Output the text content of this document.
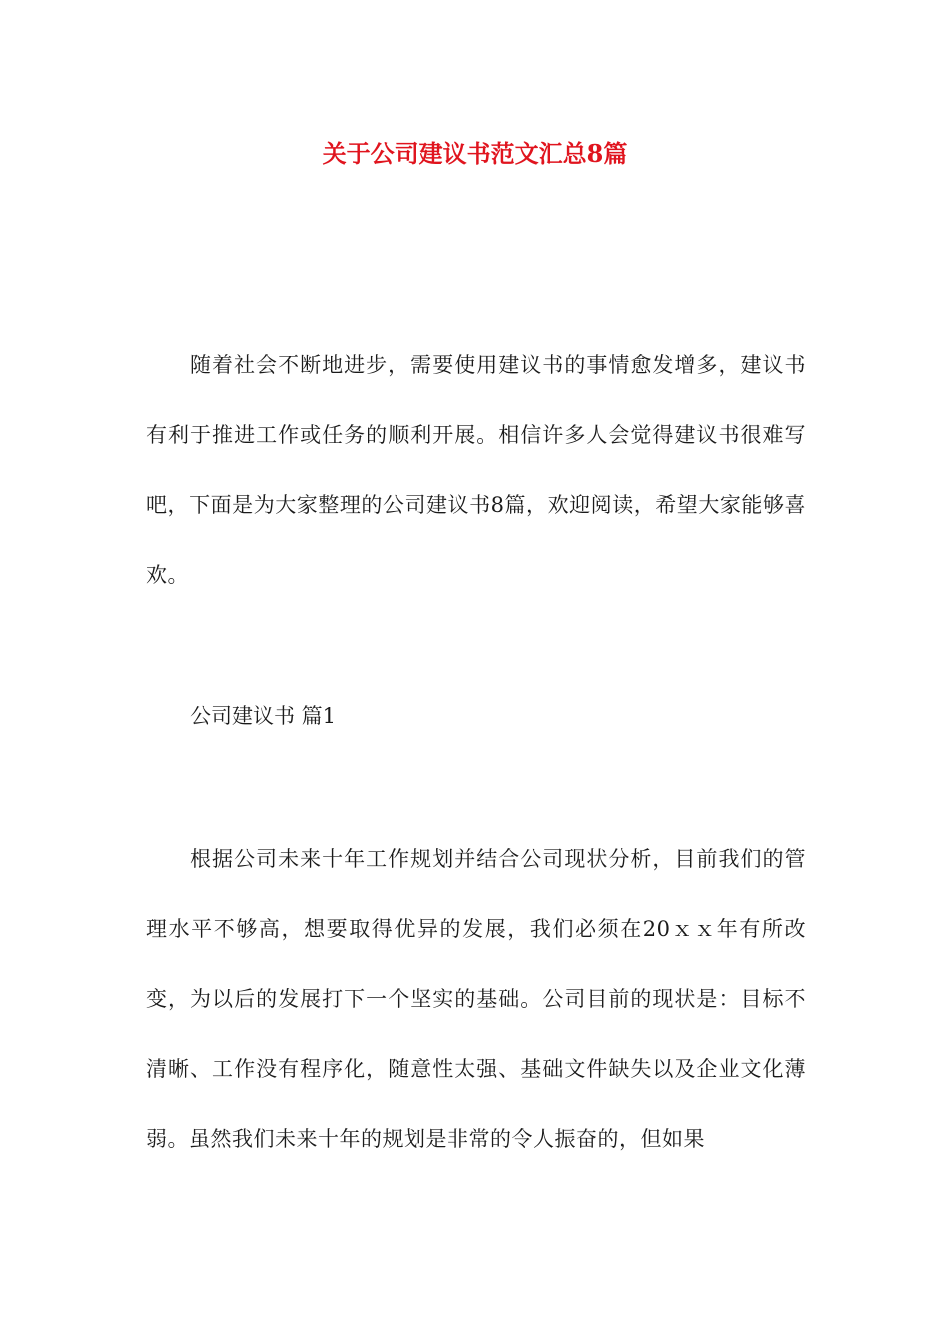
关于公司建议书范文汇总8篇

随着社会不断地进步，需要使用建议书的事情愈发增多，建议书有利于推进工作或任务的顺利开展。相信许多人会觉得建议书很难写吧，下面是为大家整理的公司建议书8篇，欢迎阅读，希望大家能够喜欢。

公司建议书 篇1

根据公司未来十年工作规划并结合公司现状分析，目前我们的管理水平不够高，想要取得优异的发展，我们必须在20ｘｘ年有所改变，为以后的发展打下一个坚实的基础。公司目前的现状是：目标不清晰、工作没有程序化，随意性太强、基础文件缺失以及企业文化薄弱。虽然我们未来十年的规划是非常的令人振奋的，但如果
